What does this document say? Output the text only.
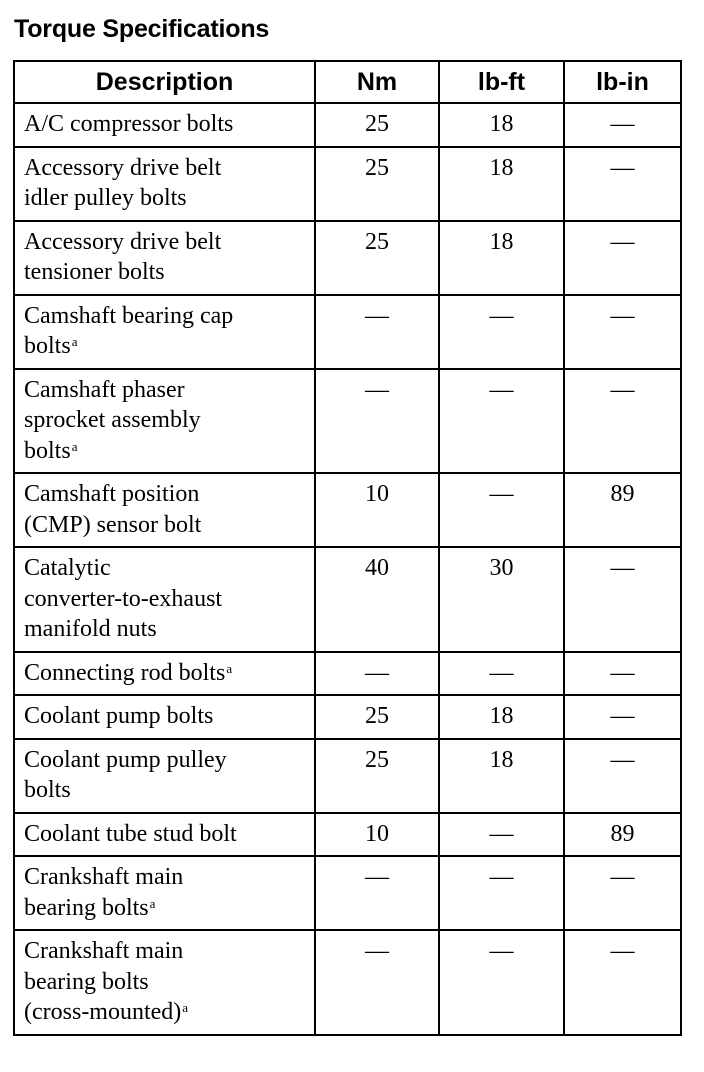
Torque Specifications
Description	Nm	lb-ft	lb-in
A/C compressor bolts	25	18	—
Accessory drive belt
idler pulley bolts	25	18	—
Accessory drive belt
tensioner bolts	25	18	—
Camshaft bearing cap
bolts$^a$	—	—	—
Camshaft phaser
sprocket assembly
bolts$^a$	—	—	—
Camshaft position
(CMP) sensor bolt	10	—	89
Catalytic
converter-to-exhaust
manifold nuts	40	30	—
Connecting rod bolts$^a$	—	—	—
Coolant pump bolts	25	18	—
Coolant pump pulley
bolts	25	18	—
Coolant tube stud bolt	10	—	89
Crankshaft main
bearing bolts$^a$	—	—	—
Crankshaft main
bearing bolts
(cross-mounted)$^a$	—	—	—
